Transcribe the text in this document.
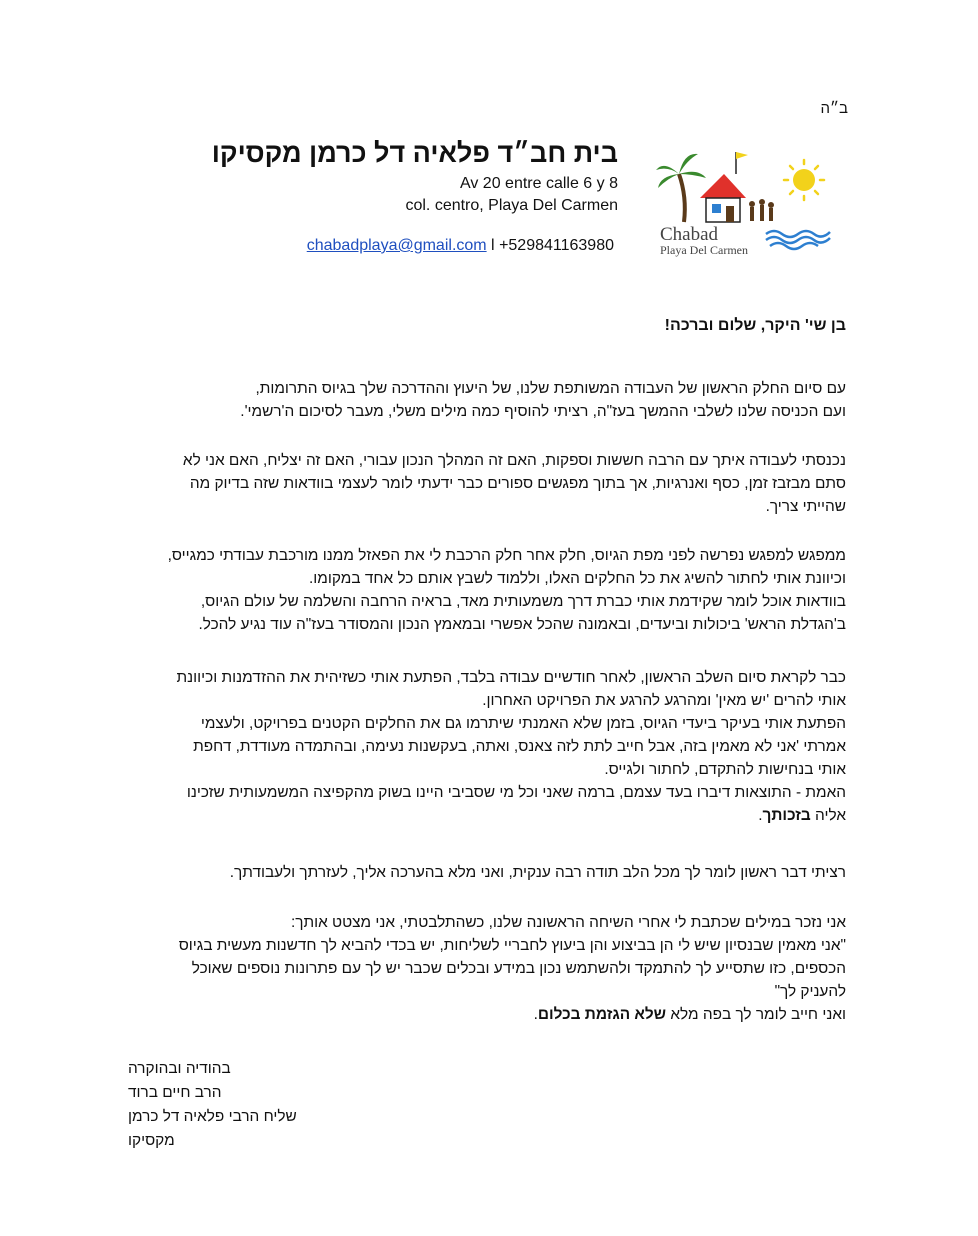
ב״ה
בית חב״ד פלאיה דל כרמן מקסיקו
Av 20 entre calle 6 y 8
col. centro, Playa Del Carmen
chabadplaya@gmail.com l +529841163980
Chabad
Playa Del Carmen
בן שי' היקר, שלום וברכה!

עם סיום החלק הראשון של העבודה המשותפת שלנו, של היעוץ וההדרכה שלך בגיוס התרומות,

ועם הכניסה שלנו לשלבי ההמשך בעז"ה, רציתי להוסיף כמה מילים משלי, מעבר לסיכום ה'רשמי'.

נכנסתי לעבודה איתך עם הרבה חששות וספקות, האם זה המהלך הנכון עבורי, האם זה יצליח, האם אני לא

סתם מבזבז זמן, כסף ואנרגיות, אך בתוך מפגשים ספורים כבר ידעתי לומר לעצמי בוודאות שזה בדיוק מה

שהייתי צריך.

ממפגש למפגש נפרשה לפני מפת הגיוס, חלק אחר חלק הרכבת לי את הפאזל ממנו מורכבת עבודתי כמגייס,

וכיוונת אותי לחתור להשיג את כל החלקים האלו, וללמוד לשבץ אותם כל אחד במקומו.

בוודאות אוכל לומר שקידמת אותי כברת דרך משמעותית מאד, בראיה הרחבה והשלמה של עולם הגיוס,

ב'הגדלת הראש' ביכולות וביעדים, ובאמונה שהכל אפשרי ובמאמץ הנכון והמסודר בעז"ה עוד נגיע להכל.

כבר לקראת סיום השלב הראשון, לאחר חודשיים עבודה בלבד, הפתעת אותי כשזיהית את ההזדמנות וכיוונת

אותי להרים 'יש מאין' ומהרגע להרגע את הפרויקט האחרון.

הפתעת אותי בעיקר ביעדי הגיוס, בזמן שלא האמנתי שיתרמו גם את החלקים הקטנים בפרויקט, ולעצמי

אמרתי 'אני לא מאמין בזה, אבל חייב לתת לזה צאנס, ואתה, בעקשנות נעימה, ובהתמדה מעודדת, דחפת

אותי בנחישות להתקדם, לחתור ולגייס.

האמת - התוצאות דיברו בעד עצמם, ברמה שאני וכל מי שסביבי היינו בשוק מהקפיצה המשמעותית שזכינו

אליה בזכותך.

רציתי דבר ראשון לומר לך מכל הלב תודה רבה ענקית, ואני מלא בהערכה אליך, לעזרתך ולעבודתך.

אני נזכר במילים שכתבת לי אחרי השיחה הראשונה שלנו, כשהתלבטתי, אני מצטט אותך:

"אני מאמין שבנסיון שיש לי הן בביצוע והן ביעוץ לחבריי לשליחות, יש בכדי להביא לך חדשנות מעשית בגיוס

הכספים, כזו שתסייע לך להתמקד ולהשתמש נכון במידע ובכלים שכבר יש לך עם פתרונות נוספים שאוכל

להעניק לך"

ואני חייב לומר לך בפה מלא שלא הגזמת בכלום.

בהודיה ובהוקרה
הרב חיים ברוד
שליח הרבי פלאיה דל כרמן
מקסיקו
